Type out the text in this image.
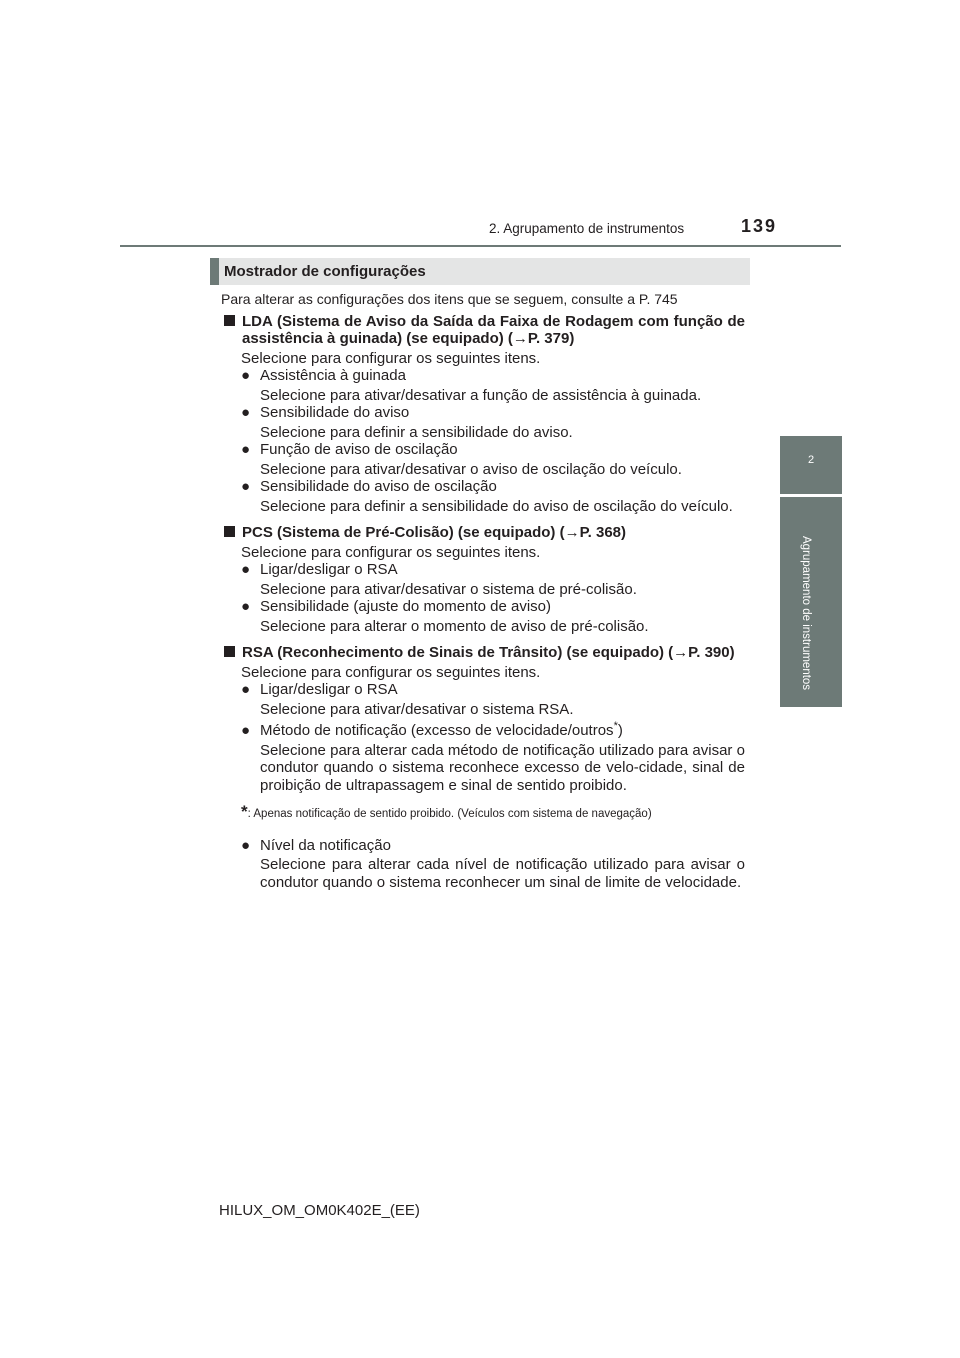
2. Agrupamento de instrumentos	139
2
Agrupamento de instrumentos
Mostrador de configurações
Para alterar as configurações dos itens que se seguem, consulte a P. 745
LDA (Sistema de Aviso da Saída da Faixa de Rodagem com função de assistência à guinada) (se equipado) (→P. 379)
Selecione para configurar os seguintes itens.
● Assistência à guinada
Selecione para ativar/desativar a função de assistência à guinada.
● Sensibilidade do aviso
Selecione para definir a sensibilidade do aviso.
● Função de aviso de oscilação
Selecione para ativar/desativar o aviso de oscilação do veículo.
● Sensibilidade do aviso de oscilação
Selecione para definir a sensibilidade do aviso de oscilação do veículo.
PCS (Sistema de Pré-Colisão) (se equipado) (→P. 368)
Selecione para configurar os seguintes itens.
● Ligar/desligar o RSA
Selecione para ativar/desativar o sistema de pré-colisão.
● Sensibilidade (ajuste do momento de aviso)
Selecione para alterar o momento de aviso de pré-colisão.
RSA (Reconhecimento de Sinais de Trânsito) (se equipado) (→P. 390)
Selecione para configurar os seguintes itens.
● Ligar/desligar o RSA
Selecione para ativar/desativar o sistema RSA.
● Método de notificação (excesso de velocidade/outros*)
Selecione para alterar cada método de notificação utilizado para avisar o condutor quando o sistema reconhece excesso de velo-cidade, sinal de proibição de ultrapassagem e sinal de sentido proibido.
*: Apenas notificação de sentido proibido. (Veículos com sistema de navegação)
● Nível da notificação
Selecione para alterar cada nível de notificação utilizado para avisar o condutor quando o sistema reconhecer um sinal de limite de velocidade.
HILUX_OM_OM0K402E_(EE)
